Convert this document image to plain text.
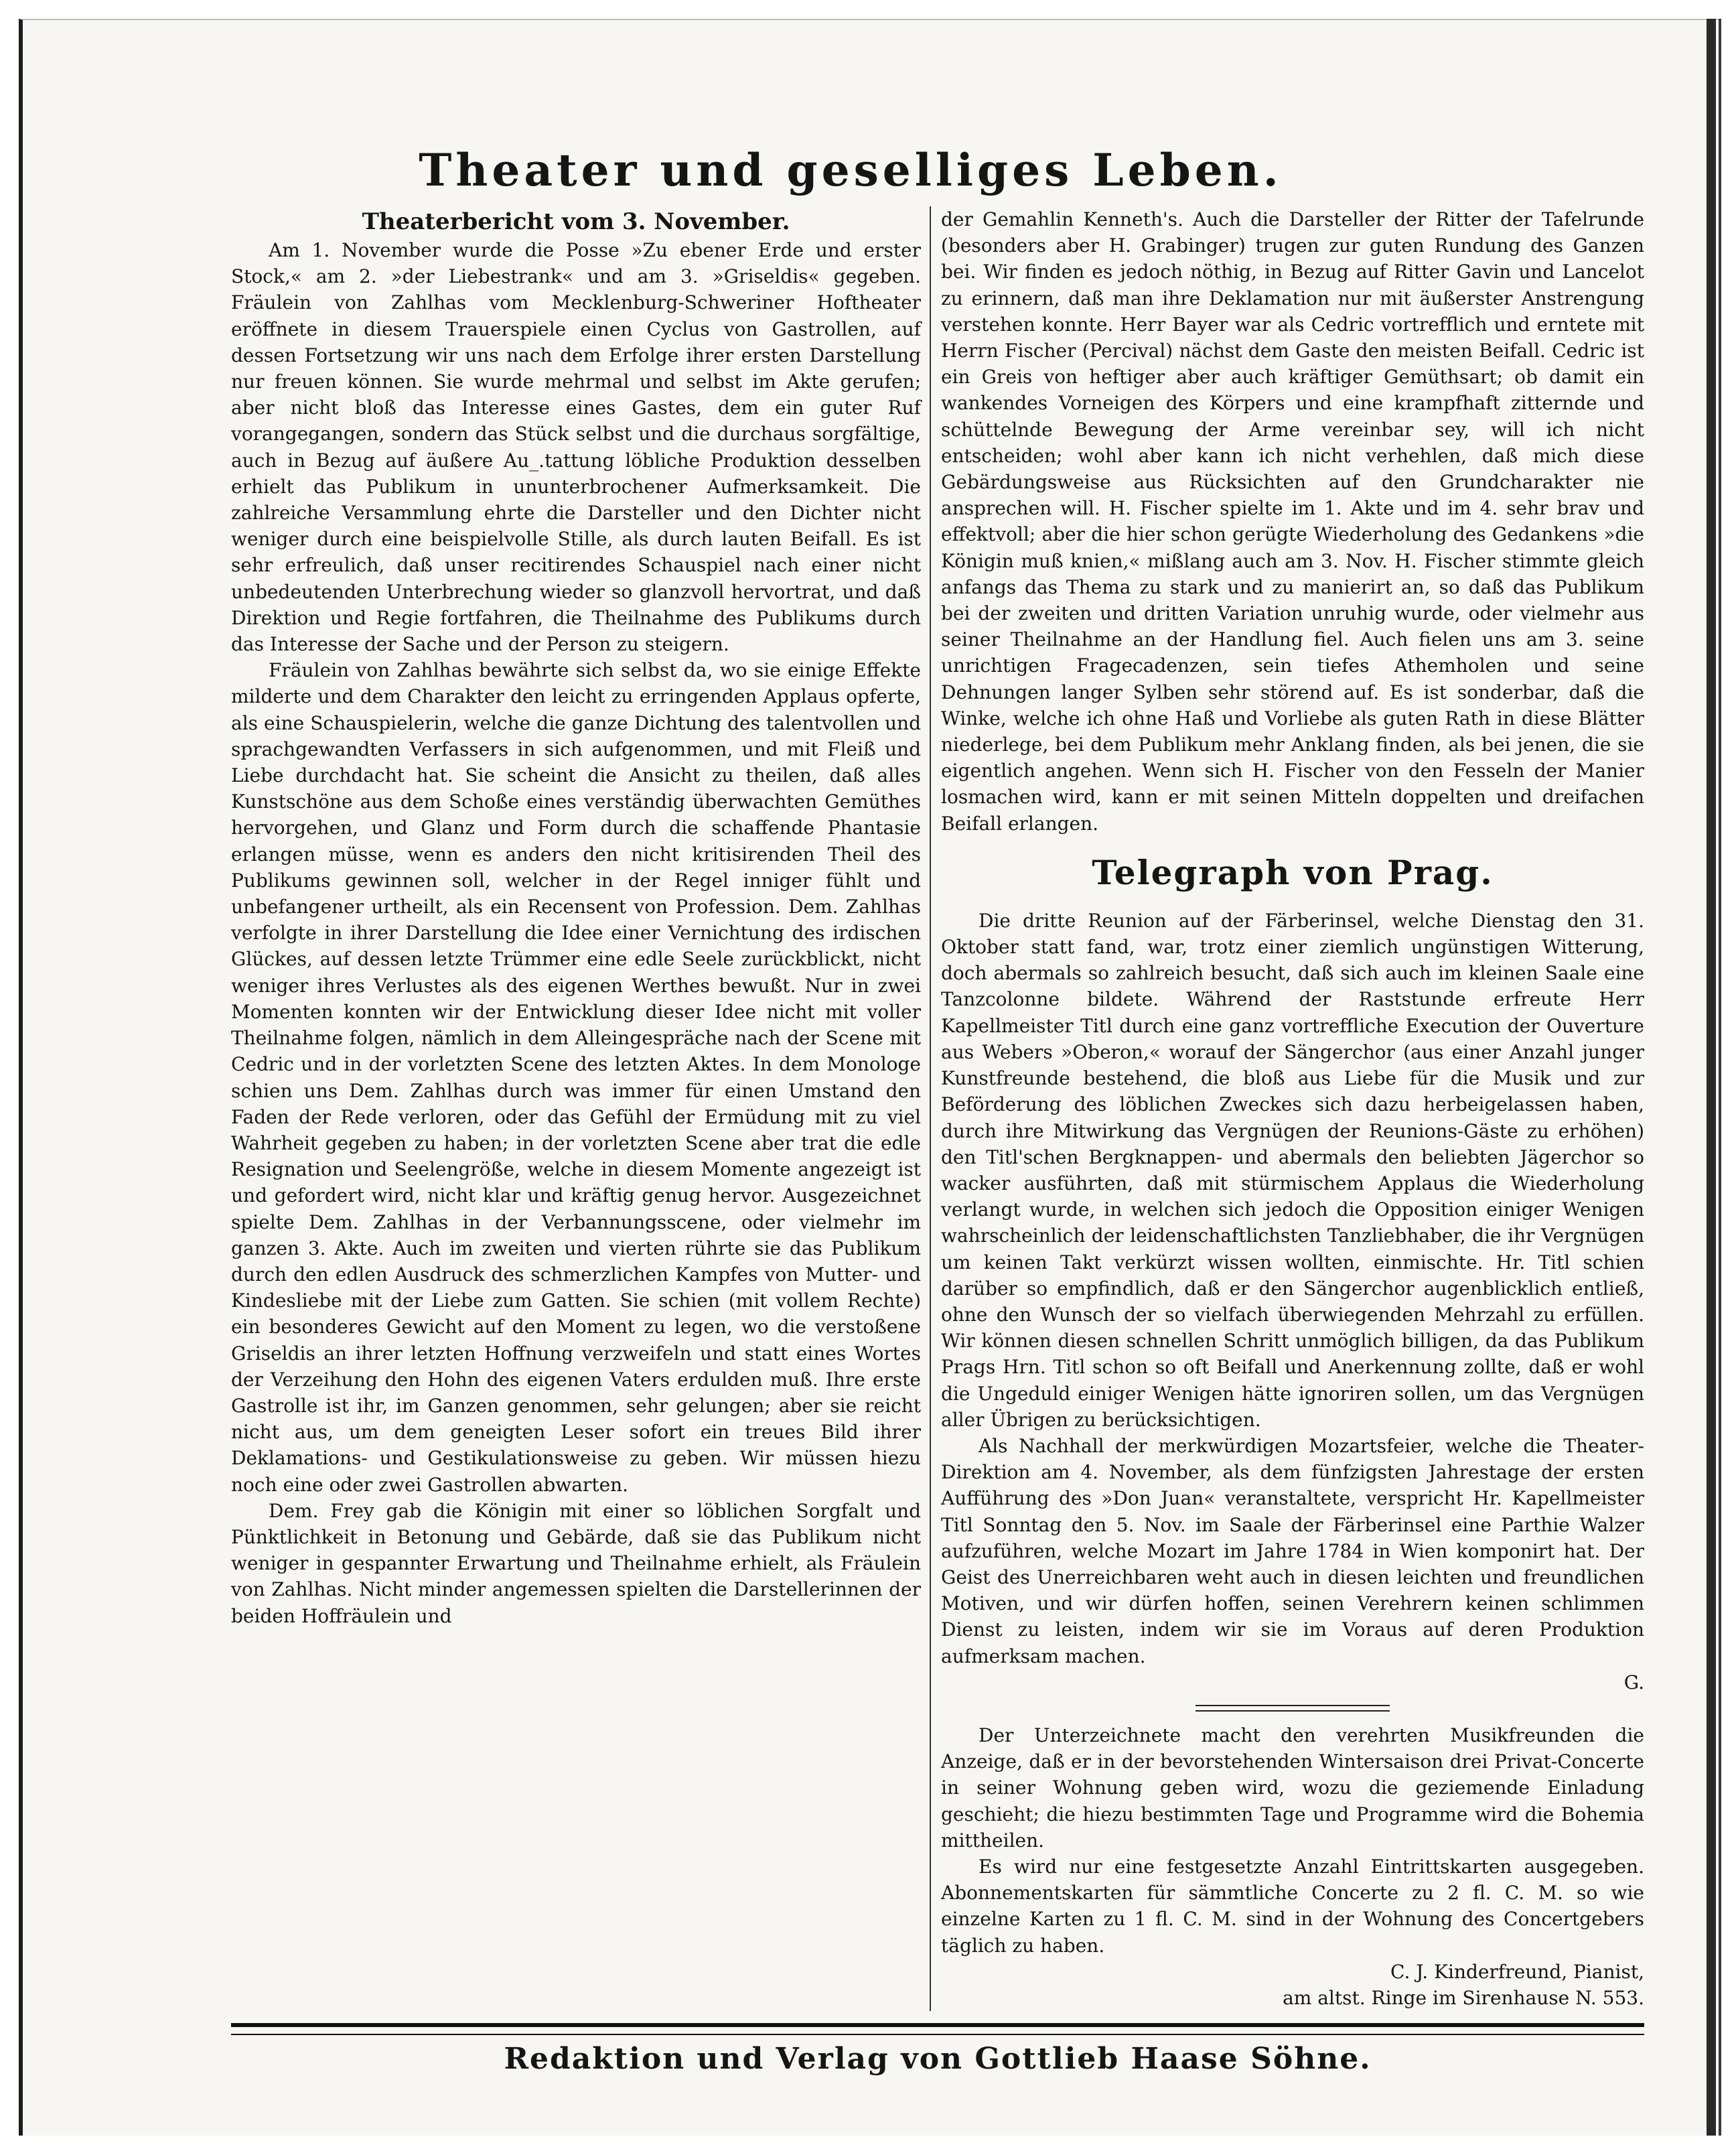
Theater und geselliges Leben.

Theaterbericht vom 3. November.

Am 1. November wurde die Posse »Zu ebener Erde und erster Stock,« am 2. »der Liebestrank« und am 3. »Griseldis« gegeben. Fräulein von Zahlhas vom Mecklenburg-Schweriner Hoftheater eröffnete in diesem Trauerspiele einen Cyclus von Gastrollen, auf dessen Fortsetzung wir uns nach dem Erfolge ihrer ersten Darstellung nur freuen können. Sie wurde mehrmal und selbst im Akte gerufen; aber nicht bloß das Interesse eines Gastes, dem ein guter Ruf vorangegangen, sondern das Stück selbst und die durchaus sorgfältige, auch in Bezug auf äußere Au_.tattung löbliche Produktion desselben erhielt das Publikum in ununterbrochener Aufmerksamkeit. Die zahlreiche Versammlung ehrte die Darsteller und den Dichter nicht weniger durch eine beispielvolle Stille, als durch lauten Beifall. Es ist sehr erfreulich, daß unser recitirendes Schauspiel nach einer nicht unbedeutenden Unterbrechung wieder so glanzvoll hervortrat, und daß Direktion und Regie fortfahren, die Theilnahme des Publikums durch das Interesse der Sache und der Person zu steigern.

Fräulein von Zahlhas bewährte sich selbst da, wo sie einige Effekte milderte und dem Charakter den leicht zu erringenden Applaus opferte, als eine Schauspielerin, welche die ganze Dichtung des talentvollen und sprachgewandten Verfassers in sich aufgenommen, und mit Fleiß und Liebe durchdacht hat. Sie scheint die Ansicht zu theilen, daß alles Kunstschöne aus dem Schoße eines verständig überwachten Gemüthes hervorgehen, und Glanz und Form durch die schaffende Phantasie erlangen müsse, wenn es anders den nicht kritisirenden Theil des Publikums gewinnen soll, welcher in der Regel inniger fühlt und unbefangener urtheilt, als ein Recensent von Profession. Dem. Zahlhas verfolgte in ihrer Darstellung die Idee einer Vernichtung des irdischen Glückes, auf dessen letzte Trümmer eine edle Seele zurückblickt, nicht weniger ihres Verlustes als des eigenen Werthes bewußt. Nur in zwei Momenten konnten wir der Entwicklung dieser Idee nicht mit voller Theilnahme folgen, nämlich in dem Alleingespräche nach der Scene mit Cedric und in der vorletzten Scene des letzten Aktes. In dem Monologe schien uns Dem. Zahlhas durch was immer für einen Umstand den Faden der Rede verloren, oder das Gefühl der Ermüdung mit zu viel Wahrheit gegeben zu haben; in der vorletzten Scene aber trat die edle Resignation und Seelengröße, welche in diesem Momente angezeigt ist und gefordert wird, nicht klar und kräftig genug hervor. Ausgezeichnet spielte Dem. Zahlhas in der Verbannungsscene, oder vielmehr im ganzen 3. Akte. Auch im zweiten und vierten rührte sie das Publikum durch den edlen Ausdruck des schmerzlichen Kampfes von Mutter- und Kindesliebe mit der Liebe zum Gatten. Sie schien (mit vollem Rechte) ein besonderes Gewicht auf den Moment zu legen, wo die verstoßene Griseldis an ihrer letzten Hoffnung verzweifeln und statt eines Wortes der Verzeihung den Hohn des eigenen Vaters erdulden muß. Ihre erste Gastrolle ist ihr, im Ganzen genommen, sehr gelungen; aber sie reicht nicht aus, um dem geneigten Leser sofort ein treues Bild ihrer Deklamations- und Gestikulationsweise zu geben. Wir müssen hiezu noch eine oder zwei Gastrollen abwarten.

Dem. Frey gab die Königin mit einer so löblichen Sorgfalt und Pünktlichkeit in Betonung und Gebärde, daß sie das Publikum nicht weniger in gespannter Erwartung und Theilnahme erhielt, als Fräulein von Zahlhas. Nicht minder angemessen spielten die Darstellerinnen der beiden Hoffräulein und

der Gemahlin Kenneth's. Auch die Darsteller der Ritter der Tafelrunde (besonders aber H. Grabinger) trugen zur guten Rundung des Ganzen bei. Wir finden es jedoch nöthig, in Bezug auf Ritter Gavin und Lancelot zu erinnern, daß man ihre Deklamation nur mit äußerster Anstrengung verstehen konnte. Herr Bayer war als Cedric vortrefflich und erntete mit Herrn Fischer (Percival) nächst dem Gaste den meisten Beifall. Cedric ist ein Greis von heftiger aber auch kräftiger Gemüthsart; ob damit ein wankendes Vorneigen des Körpers und eine krampfhaft zitternde und schüttelnde Bewegung der Arme vereinbar sey, will ich nicht entscheiden; wohl aber kann ich nicht verhehlen, daß mich diese Gebärdungsweise aus Rücksichten auf den Grundcharakter nie ansprechen will. H. Fischer spielte im 1. Akte und im 4. sehr brav und effektvoll; aber die hier schon gerügte Wiederholung des Gedankens »die Königin muß knien,« mißlang auch am 3. Nov. H. Fischer stimmte gleich anfangs das Thema zu stark und zu manierirt an, so daß das Publikum bei der zweiten und dritten Variation unruhig wurde, oder vielmehr aus seiner Theilnahme an der Handlung fiel. Auch fielen uns am 3. seine unrichtigen Fragecadenzen, sein tiefes Athemholen und seine Dehnungen langer Sylben sehr störend auf. Es ist sonderbar, daß die Winke, welche ich ohne Haß und Vorliebe als guten Rath in diese Blätter niederlege, bei dem Publikum mehr Anklang finden, als bei jenen, die sie eigentlich angehen. Wenn sich H. Fischer von den Fesseln der Manier losmachen wird, kann er mit seinen Mitteln doppelten und dreifachen Beifall erlangen.

Telegraph von Prag.

Die dritte Reunion auf der Färberinsel, welche Dienstag den 31. Oktober statt fand, war, trotz einer ziemlich ungünstigen Witterung, doch abermals so zahlreich besucht, daß sich auch im kleinen Saale eine Tanzcolonne bildete. Während der Raststunde erfreute Herr Kapellmeister Titl durch eine ganz vortreffliche Execution der Ouverture aus Webers »Oberon,« worauf der Sängerchor (aus einer Anzahl junger Kunstfreunde bestehend, die bloß aus Liebe für die Musik und zur Beförderung des löblichen Zweckes sich dazu herbeigelassen haben, durch ihre Mitwirkung das Vergnügen der Reunions-Gäste zu erhöhen) den Titl'schen Bergknappen- und abermals den beliebten Jägerchor so wacker ausführten, daß mit stürmischem Applaus die Wiederholung verlangt wurde, in welchen sich jedoch die Opposition einiger Wenigen wahrscheinlich der leidenschaftlichsten Tanzliebhaber, die ihr Vergnügen um keinen Takt verkürzt wissen wollten, einmischte. Hr. Titl schien darüber so empfindlich, daß er den Sängerchor augenblicklich entließ, ohne den Wunsch der so vielfach überwiegenden Mehrzahl zu erfüllen. Wir können diesen schnellen Schritt unmöglich billigen, da das Publikum Prags Hrn. Titl schon so oft Beifall und Anerkennung zollte, daß er wohl die Ungeduld einiger Wenigen hätte ignoriren sollen, um das Vergnügen aller Übrigen zu berücksichtigen.

Als Nachhall der merkwürdigen Mozartsfeier, welche die Theater-Direktion am 4. November, als dem fünfzigsten Jahrestage der ersten Aufführung des »Don Juan« veranstaltete, verspricht Hr. Kapellmeister Titl Sonntag den 5. Nov. im Saale der Färberinsel eine Parthie Walzer aufzuführen, welche Mozart im Jahre 1784 in Wien komponirt hat. Der Geist des Unerreichbaren weht auch in diesen leichten und freundlichen Motiven, und wir dürfen hoffen, seinen Verehrern keinen schlimmen Dienst zu leisten, indem wir sie im Voraus auf deren Produktion aufmerksam machen.

G.

Der Unterzeichnete macht den verehrten Musikfreunden die Anzeige, daß er in der bevorstehenden Wintersaison drei Privat-Concerte in seiner Wohnung geben wird, wozu die geziemende Einladung geschieht; die hiezu bestimmten Tage und Programme wird die Bohemia mittheilen.

Es wird nur eine festgesetzte Anzahl Eintrittskarten ausgegeben. Abonnementskarten für sämmtliche Concerte zu 2 fl. C. M. so wie einzelne Karten zu 1 fl. C. M. sind in der Wohnung des Concertgebers täglich zu haben.

C. J. Kinderfreund, Pianist,

am altst. Ringe im Sirenhause N. 553.

Redaktion und Verlag von Gottlieb Haase Söhne.
